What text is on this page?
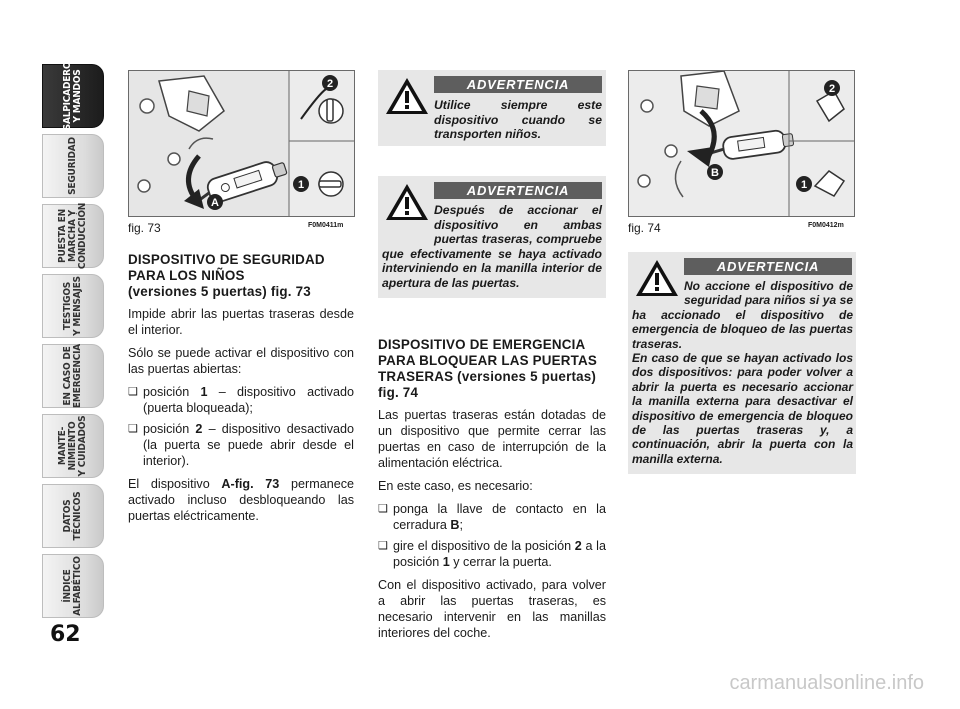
SALPICADERO
Y MANDOS
SEGURIDAD
PUESTA EN
MARCHA Y
CONDUCCIÓN
TESTIGOS
Y MENSAJES
EN CASO DE
EMERGENCIA
MANTE-
NIMIENTO
Y CUIDADOS
DATOS
TÉCNICOS
ÍNDICE
ALFABÉTICO
62
2
1
A
fig. 73	F0M0411m
2
1
B
fig. 74	F0M0412m
DISPOSITIVO DE SEGURIDAD
PARA LOS NIÑOS
(versiones 5 puertas) fig. 73

Impide abrir las puertas traseras desde el interior.

Sólo se puede activar el dispositivo con las puertas abiertas:

❑ posición 1 – dispositivo activado (puerta bloqueada);
❑ posición 2 – dispositivo desactivado (la puerta se puede abrir desde el interior).

El dispositivo A-fig. 73 permanece activado incluso desbloqueando las puertas eléctricamente.

ADVERTENCIA
Utilice siempre este dispositivo cuando se transporten niños.
ADVERTENCIA
Después de accionar el dispositivo en ambas puertas traseras, compruebe que efectivamente se haya activado interviniendo en la manilla interior de apertura de las puertas.
DISPOSITIVO DE EMERGENCIA
PARA BLOQUEAR LAS PUERTAS
TRASERAS (versiones 5 puertas)
fig. 74

Las puertas traseras están dotadas de un dispositivo que permite cerrar las puertas en caso de interrupción de la alimentación eléctrica.

En este caso, es necesario:

❑ ponga la llave de contacto en la cerradura B;
❑ gire el dispositivo de la posición 2 a la posición 1 y cerrar la puerta.

Con el dispositivo activado, para volver a abrir las puertas traseras, es necesario intervenir en las manillas interiores del coche.

ADVERTENCIA
No accione el dispositivo de seguridad para niños si ya se ha accionado el dispositivo de emergencia de bloqueo de las puertas traseras.
En caso de que se hayan activado los dos dispositivos: para poder volver a abrir la puerta es necesario accionar la manilla externa para desactivar el dispositivo de emergencia de bloqueo de las puertas traseras y, a continuación, abrir la puerta con la manilla externa.
carmanualsonline.info
